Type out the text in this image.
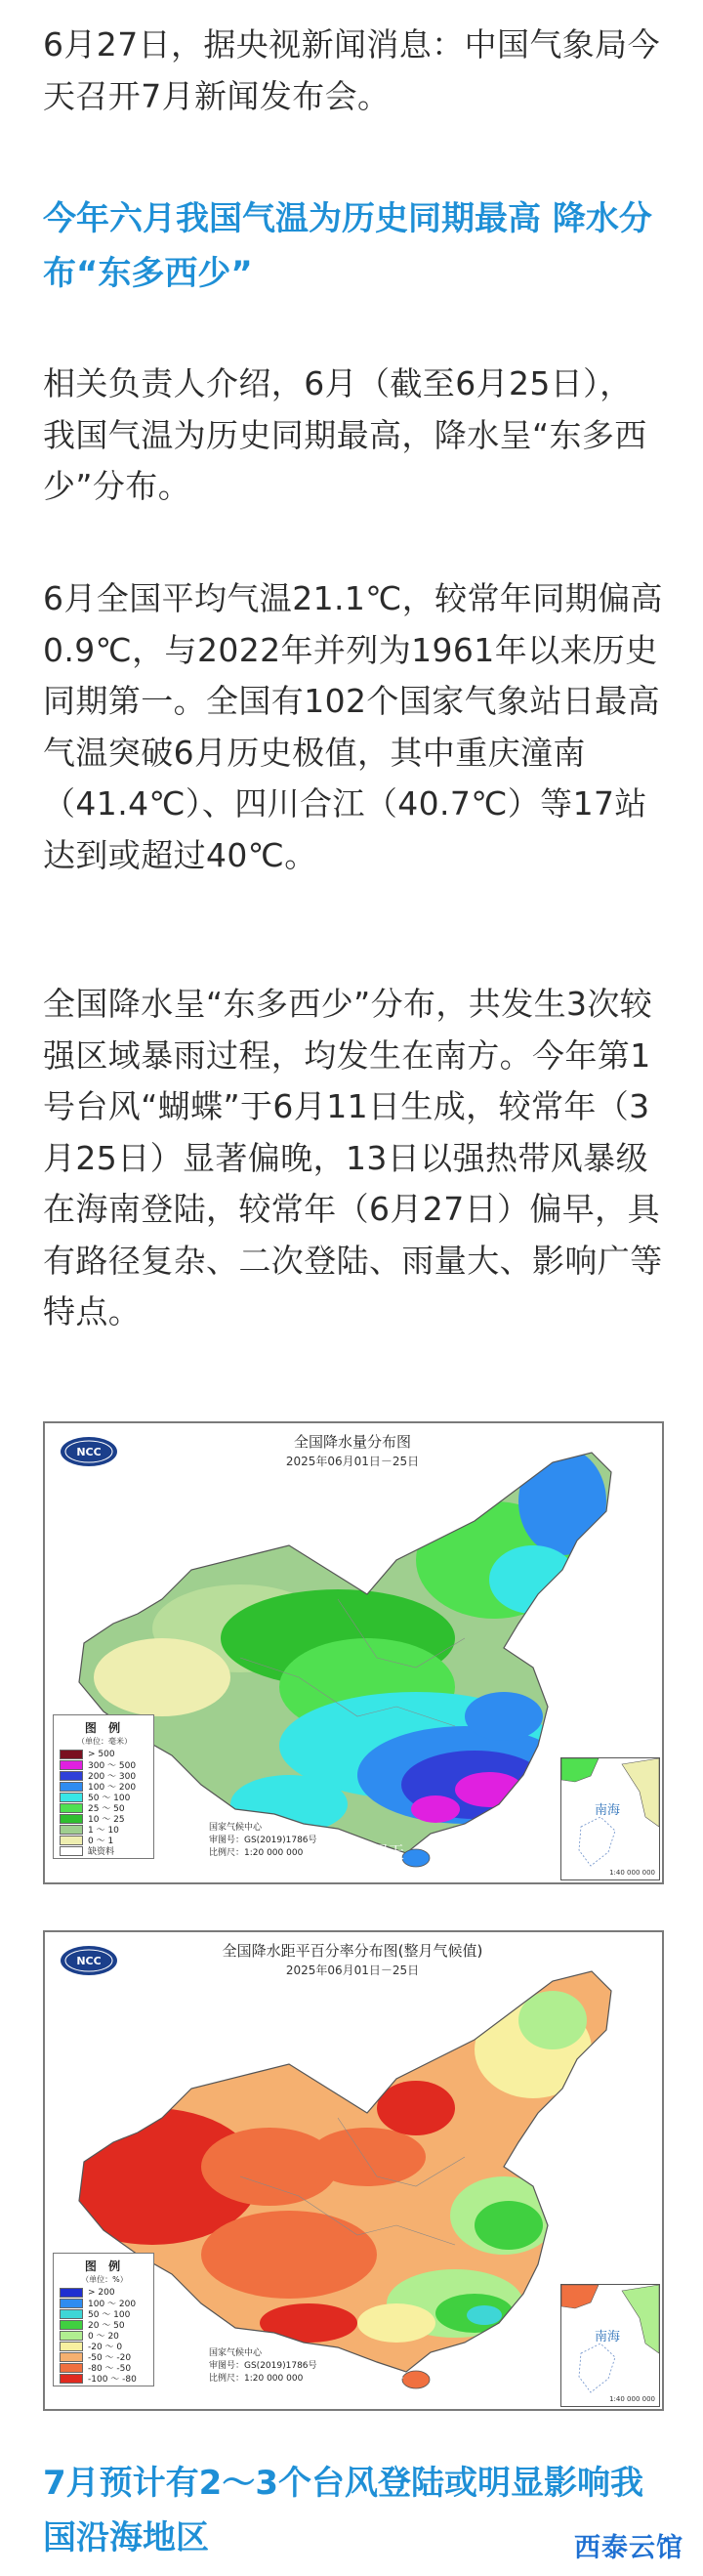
6月27日，据央视新闻消息：中国气象局今天召开7月新闻发布会。

今年六月我国气温为历史同期最高 降水分布“东多西少”

相关负责人介绍，6月（截至6月25日），我国气温为历史同期最高，降水呈“东多西少”分布。

6月全国平均气温21.1℃，较常年同期偏高0.9℃，与2022年并列为1961年以来历史同期第一。全国有102个国家气象站日最高气温突破6月历史极值，其中重庆潼南（41.4℃）、四川合江（40.7℃）等17站达到或超过40℃。

全国降水呈“东多西少”分布，共发生3次较强区域暴雨过程，均发生在南方。今年第1号台风“蝴蝶”于6月11日生成，较常年（3月25日）显著偏晚，13日以强热带风暴级在海南登陆，较常年（6月27日）偏早，具有路径复杂、二次登陆、雨量大、影响广等特点。

NCC
全国降水量分布图
2025年06月01日－25日
图 例
（单位：毫米）
> 500
300 ～ 500
200 ～ 300
100 ～ 200
50 ～ 100
25 ～ 50
10 ～ 25
1 ～ 10
0 ～ 1
缺资料
国家气候中心
审图号：GS(2019)1786号
比例尺：1:20 000 000	＠中国天
南海
1:40 000 000
NCC
全国降水距平百分率分布图(整月气候值)
2025年06月01日－25日
图 例
（单位：%）
> 200
100 ～ 200
50 ～ 100
20 ～ 50
0 ～ 20
-20 ～ 0
-50 ～ -20
-80 ～ -50
-100 ～ -80
国家气候中心
审图号：GS(2019)1786号
比例尺：1:20 000 000	＠中国天
南海
1:40 000 000
7月预计有2～3个台风登陆或明显影响我国沿海地区	西泰云馆
